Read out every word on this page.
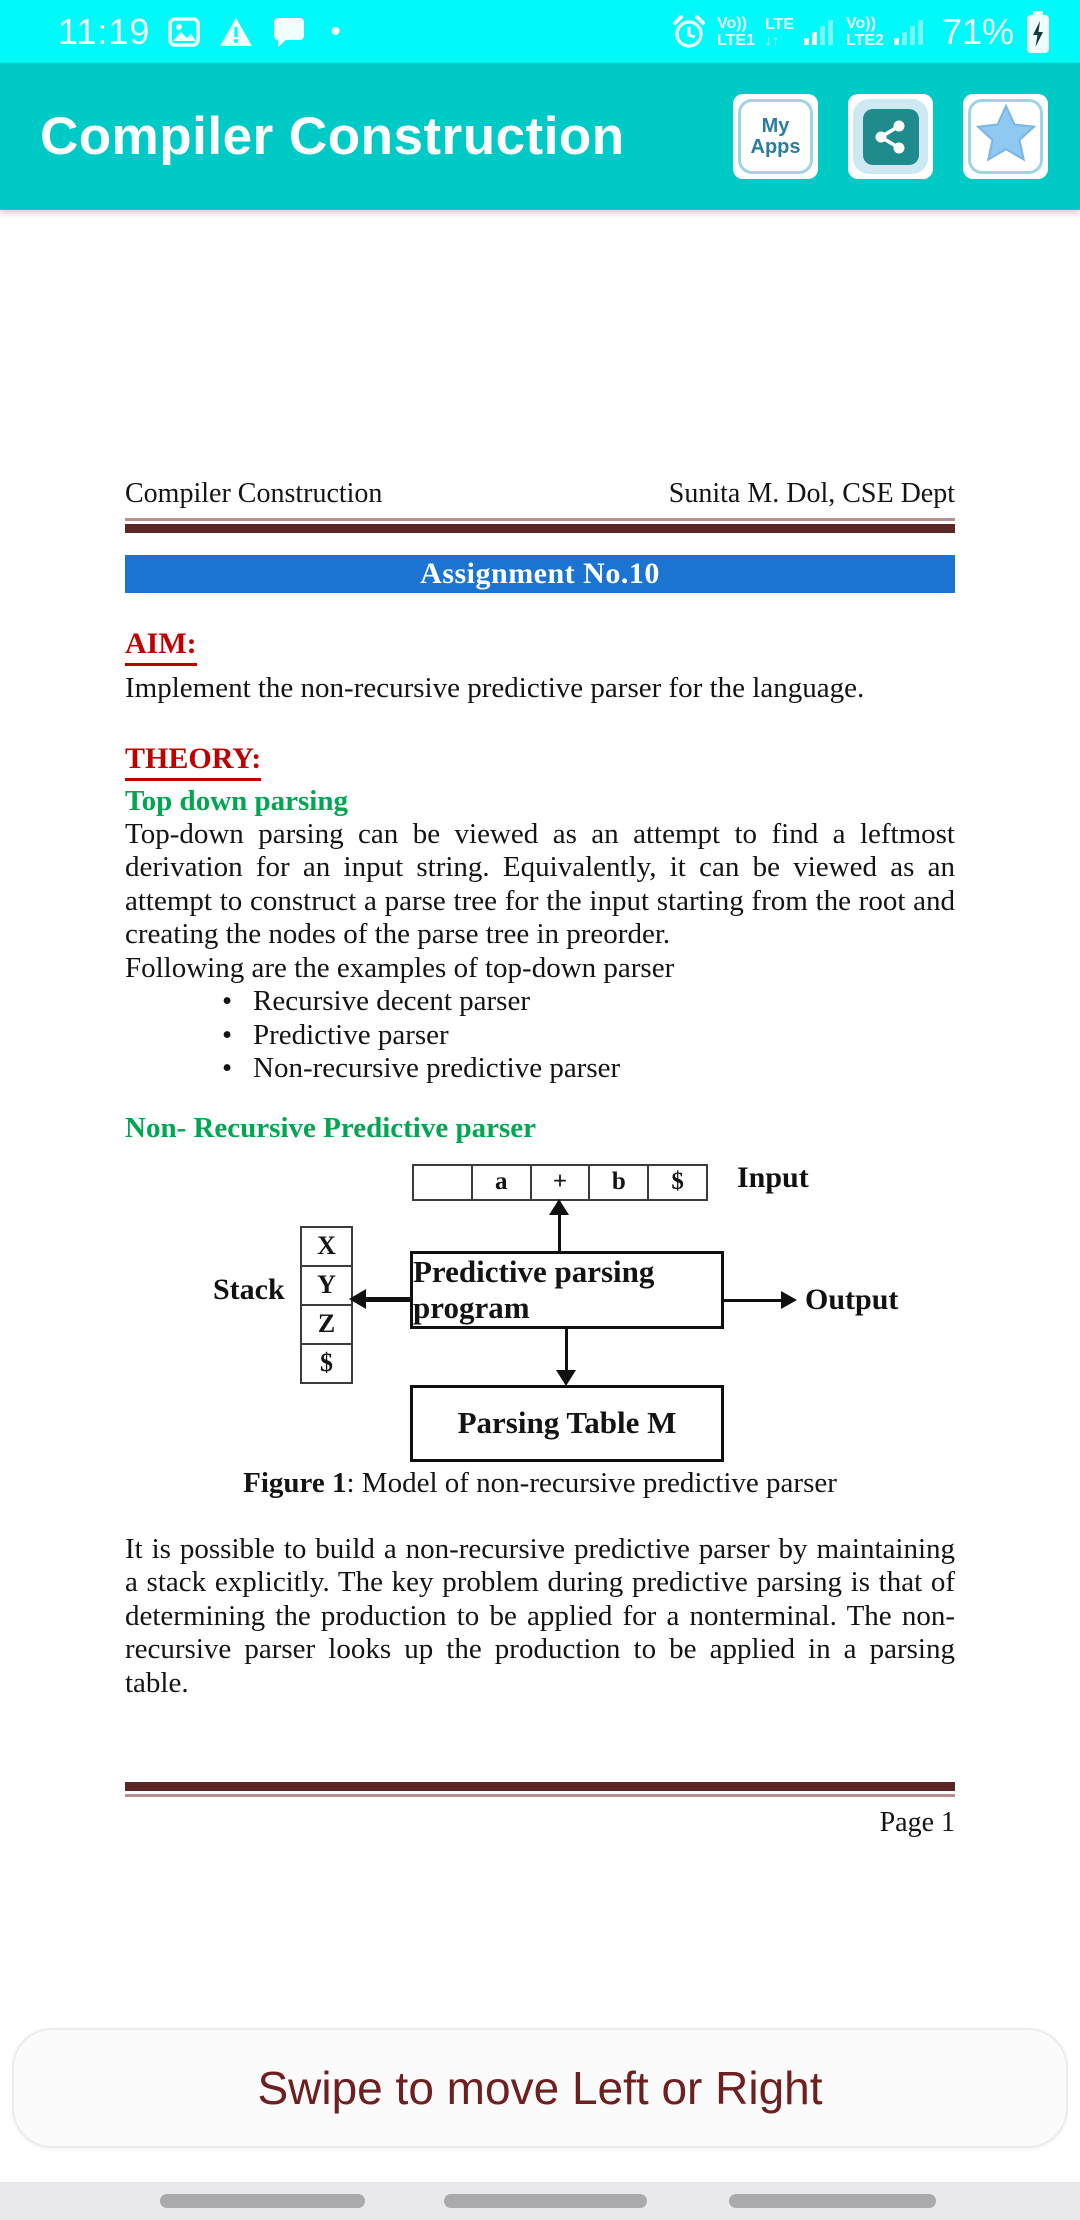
11:19	•	Vo))
LTE1
LTE
↓↑
Vo))
LTE2 71%
Compiler Construction	My
Apps
Compiler Construction	Sunita M. Dol, CSE Dept
Assignment No.10
AIM:
Implement the non-recursive predictive parser for the language.
THEORY:
Top down parsing
Top-down parsing can be viewed as an attempt to find a leftmost derivation for an input string. Equivalently, it can be viewed as an attempt to construct a parse tree for the input starting from the root and creating the nodes of the parse tree in preorder.
Following are the examples of top-down parser
• Recursive decent parser
• Predictive parser
• Non-recursive predictive parser
Non- Recursive Predictive parser
a	+	b	$	Input
X
Y
Z
$
Stack
Predictive parsing program
Parsing Table M
Output
Figure 1: Model of non-recursive predictive parser
It is possible to build a non-recursive predictive parser by maintaining a stack explicitly. The key problem during predictive parsing is that of determining the production to be applied for a nonterminal. The non-recursive parser looks up the production to be applied in a parsing table.
Page 1
Swipe to move Left or Right
